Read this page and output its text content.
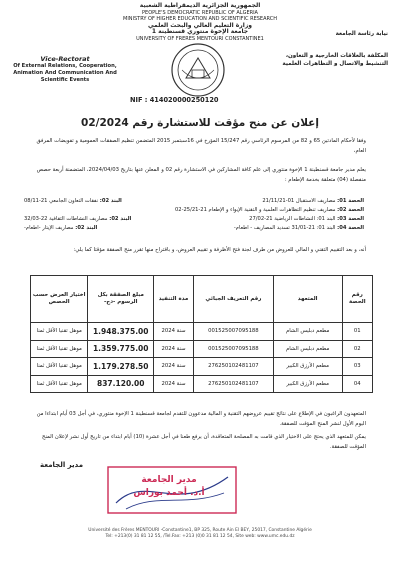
الجمهورية الجزائرية الديمقراطية الشعبية
PEOPLE'S DEMOCRATIC REPUBLIC OF ALGERIA
MINISTRY OF HIGHER EDUCATION AND SCIENTIFIC RESEARCH
وزارة التعليم العالي والبحث العلمي
جامعة الإخوة منتوري قسنطينة 1
UNIVERSITY OF FRERES MENTOURI CONSTANTINE1
Vice-Rectorat
Of External Relations, Cooperation, Animation And Communication And Scientific Events
نيابة رئاسة الجامعة
المكلفة بالعلاقات الخارجية و التعاون،
التنشيط والاتصال و التظاهرات العلمية
NIF : 414020000250120
إعلان عن منح مؤقت للاستشارة رقم 02/2024
وفقا لأحكام المادتين 65 و 82 من المرسوم الرئاسي رقم 15/247 المؤرخ في 16سبتمبر 2015 المتضمن تنظيم الصفقات العمومية و تفويضات المرفق العام،
يعلم مدير جامعة قسنطينة 1 الإخوة منتوري إلى علم كافة المشاركين في الاستشارة رقم 02 و المعلن عنها بتاريخ 2024/04/03، المتضمنة أربعة حصص منفصلة (04) متعلقة بخدمة الإطعام :
الحصة 01: مصاريف الاستقبال 01-21/11/21
البند 02: نفقات التعاون الجامعي 21-08/11
الحصة 02: مصاريف تنظيم التظاهرات العلمية و التقنية الإيواء و الإطعام 21-25/21-02
الحصة 03: البند 01: النشاطات الرياضية 21-27/02
البند 02: مصاريف النشاطات الثقافية 22-32/03
الحصة 04: البند 01: 21-31/01 تسديد المصاريف - اطعام-
البند 02: مصاريف الإيتار -اطعام-
أنه، و بعد التقييم التقني و المالي للعروض من طرف لجنة فتح الأظرفة و تقييم العروض، و باقتراح منها تقرر منح الصفقة مؤقتا كما يلي:
رقم الحصة	المتعهد	رقم التعريف الجبائي	مدة التنفيذ	مبلغ الصفقة بكل الرسوم -دج-	اختيار العرض حسب الحصص
01	مطعم دبليس الشام	001525007095188	سنة 2024	1.948.375.00	موهل تقنيا الأقل ثمنا
02	مطعم دبليس الشام	001525007095188	سنة 2024	1.359.775.00	موهل تقنيا الأقل ثمنا
03	مطعم الأرزق الكبير	276250102481107	سنة 2024	1.179.278.50	موهل تقنيا الأقل ثمنا
04	مطعم الأرزق الكبير	276250102481107	سنة 2024	837.120.00	موهل تقنيا الأقل ثمنا
المتعهدون الراغبون في الإطلاع على نتائج تقييم عروضهم التقنية و المالية مدعوون للتقدم لجامعة قسنطينة 1 الإخوة منتوري، في أجل 03 أيام ابتداءا من اليوم الأول لنشر المنح المؤقت للصفقة.
يمكن للمتعهد الذي يحتج على الاختيار الذي قامت به المصلحة المتعاقدة، أن يرفع طعنا في أجل عشرة (10) أيام ابتداء من تاريخ أول نشر لإعلان المنح المؤقت للصفقة.
مدير الجامعة
مدير الجامعة
أ.د. أحمد بوراس
Université des Frères MENTOURI -Constantine1, BP 325, Route Ain El BEY, 25017, Constantine Algérie
Tel: +213(0) 31 81 12 55, /Tel.Fax: +213 (0)0 31 81 12 54, Site web: www.umc.edu.dz
